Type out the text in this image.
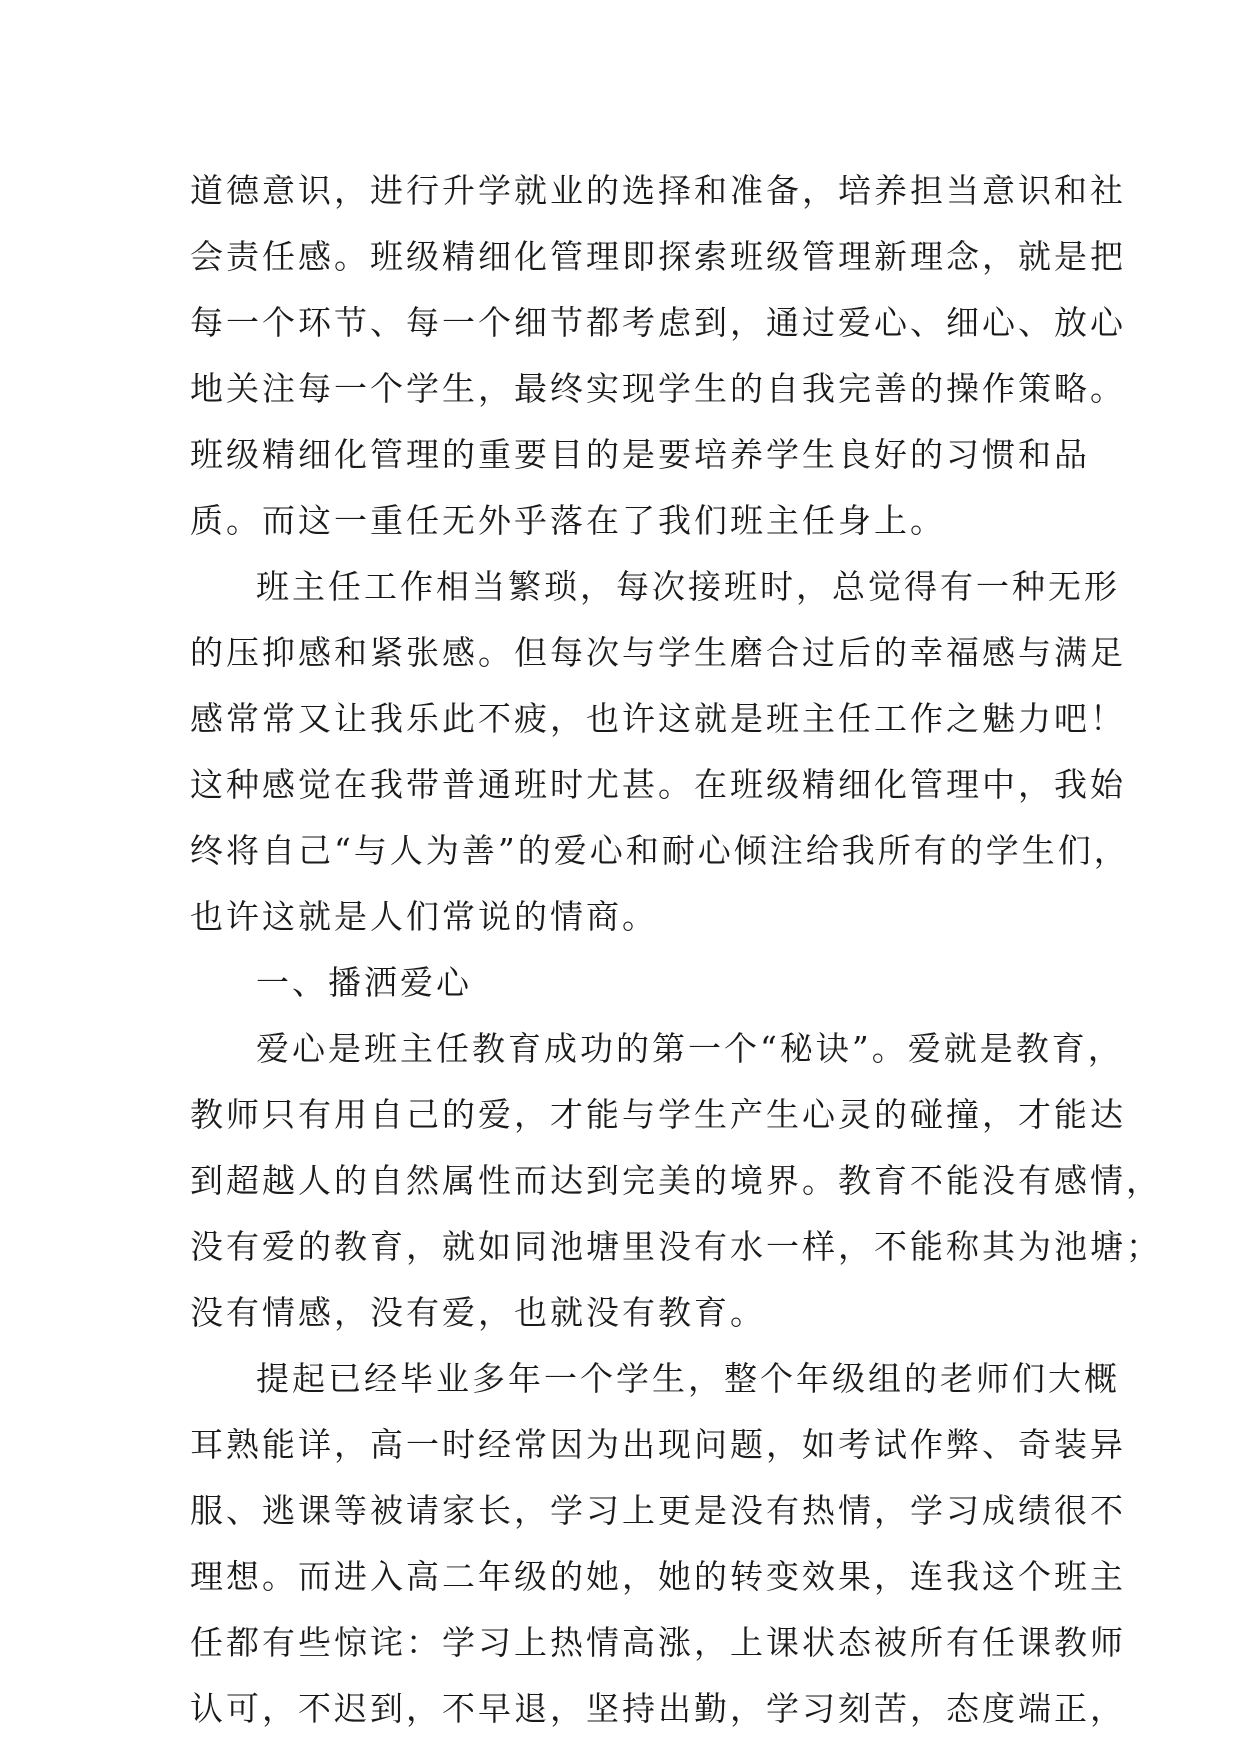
道德意识，进行升学就业的选择和准备，培养担当意识和社
会责任感。班级精细化管理即探索班级管理新理念，就是把
每一个环节、每一个细节都考虑到，通过爱心、细心、放心
地关注每一个学生，最终实现学生的自我完善的操作策略。
班级精细化管理的重要目的是要培养学生良好的习惯和品
质。而这一重任无外乎落在了我们班主任身上。
班主任工作相当繁琐，每次接班时，总觉得有一种无形
的压抑感和紧张感。但每次与学生磨合过后的幸福感与满足
感常常又让我乐此不疲，也许这就是班主任工作之魅力吧！
这种感觉在我带普通班时尤甚。在班级精细化管理中，我始
终将自己“与人为善”的爱心和耐心倾注给我所有的学生们，
也许这就是人们常说的情商。
一、播洒爱心
爱心是班主任教育成功的第一个“秘诀”。爱就是教育，
教师只有用自己的爱，才能与学生产生心灵的碰撞，才能达
到超越人的自然属性而达到完美的境界。教育不能没有感情，
没有爱的教育，就如同池塘里没有水一样，不能称其为池塘；
没有情感，没有爱，也就没有教育。
提起已经毕业多年一个学生，整个年级组的老师们大概
耳熟能详，高一时经常因为出现问题，如考试作弊、奇装异
服、逃课等被请家长，学习上更是没有热情，学习成绩很不
理想。而进入高二年级的她，她的转变效果，连我这个班主
任都有些惊诧：学习上热情高涨，上课状态被所有任课教师
认可，不迟到，不早退，坚持出勤，学习刻苦，态度端正，
